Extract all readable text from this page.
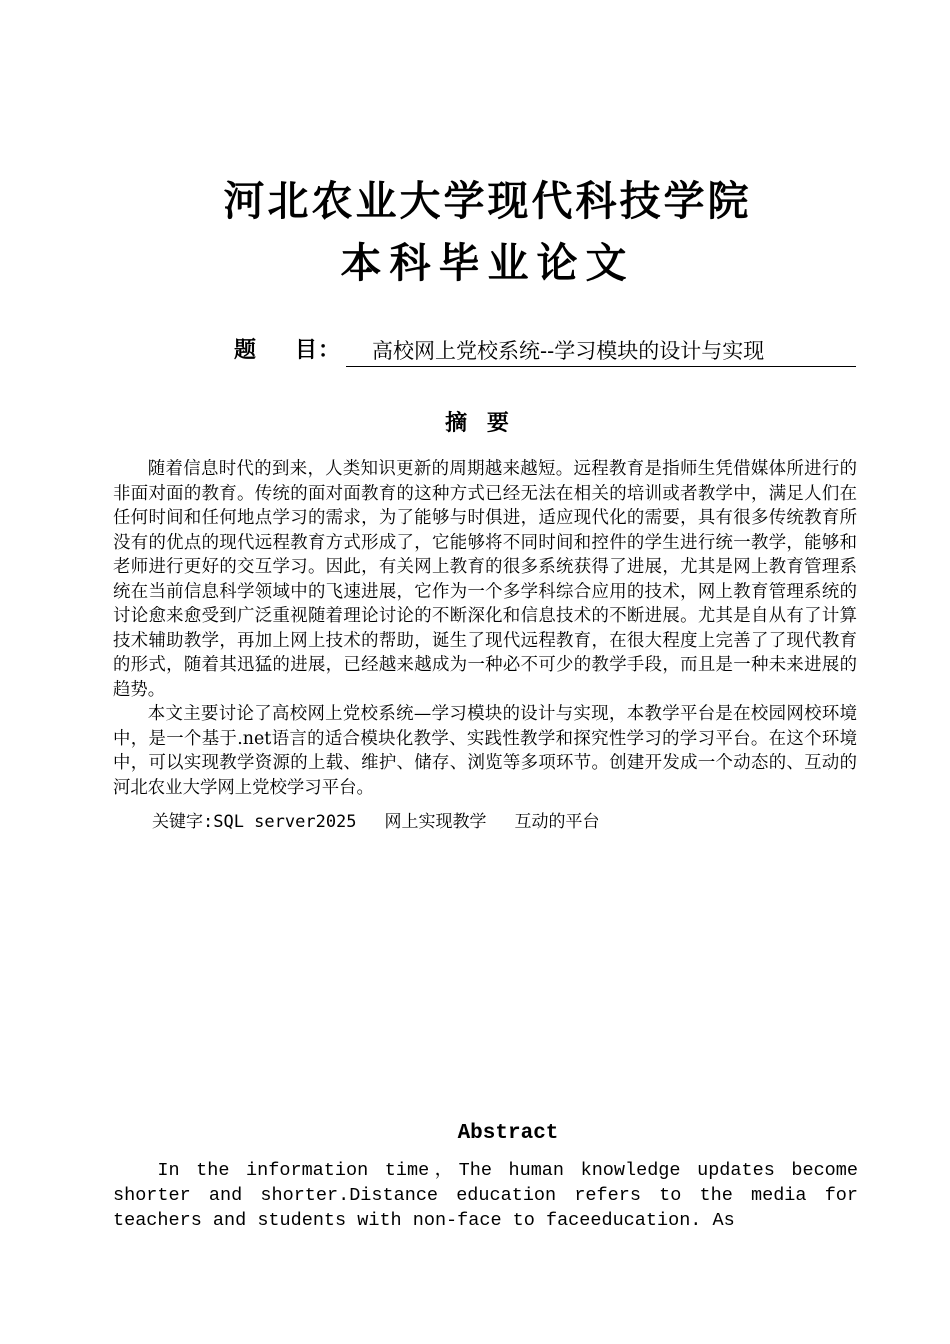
河北农业大学现代科技学院
本科毕业论文
题 目：	高校网上党校系统--学习模块的设计与实现
摘 要

随着信息时代的到来，人类知识更新的周期越来越短。远程教育是指师生凭借媒体所进行的非面对面的教育。传统的面对面教育的这种方式已经无法在相关的培训或者教学中，满足人们在任何时间和任何地点学习的需求，为了能够与时俱进，适应现代化的需要，具有很多传统教育所没有的优点的现代远程教育方式形成了，它能够将不同时间和控件的学生进行统一教学，能够和老师进行更好的交互学习。因此，有关网上教育的很多系统获得了进展，尤其是网上教育管理系统在当前信息科学领域中的飞速进展，它作为一个多学科综合应用的技术，网上教育管理系统的讨论愈来愈受到广泛重视随着理论讨论的不断深化和信息技术的不断进展。尤其是自从有了计算技术辅助教学，再加上网上技术的帮助，诞生了现代远程教育，在很大程度上完善了了现代教育的形式，随着其迅猛的进展，已经越来越成为一种必不可少的教学手段，而且是一种未来进展的趋势。

本文主要讨论了高校网上党校系统—学习模块的设计与实现，本教学平台是在校园网校环境中，是一个基于.net语言的适合模块化教学、实践性教学和探究性学习的学习平台。在这个环境中，可以实现教学资源的上载、维护、储存、浏览等多项环节。创建开发成一个动态的、互动的河北农业大学网上党校学习平台。

关键字:SQL server2025 网上实现教学 互动的平台
Abstract
In the information time，The human knowledge updates become shorter and shorter.Distance education refers to the media for teachers and students with non-face to faceeducation. As
